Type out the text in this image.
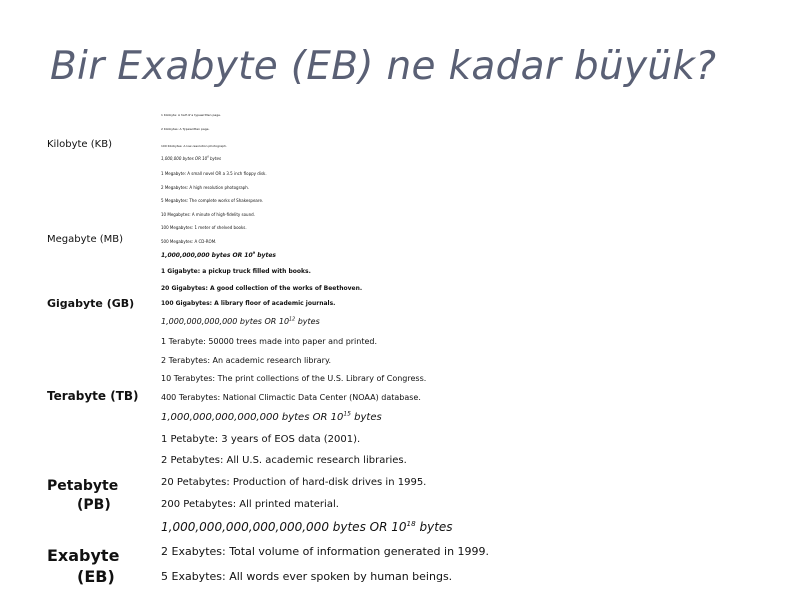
Bir Exabyte (EB) ne kadar büyük?
Kilobyte (KB)
Megabyte (MB)
Gigabyte (GB)
Terabyte (TB)
Petabyte
(PB)
Exabyte
(EB)
1 Kilobyte: A half of a typewritten page.
2 Kilobytes: A Typewritten page.
100 Kilobytes: A low-resolution photograph.
1,000,000 bytes OR $10^6$ bytes
1 Megabyte: A small novel OR a 3.5 inch floppy disk.
2 Megabytes: A high resolution photograph.
5 Megabytes: The complete works of Shakespeare.
10 Megabytes: A minute of high-fidelity sound.
100 Megabytes: 1 meter of shelved books.
500 Megabytes: A CD-ROM.
1,000,000,000 bytes OR $10^9$ bytes
1 Gigabyte: a pickup truck filled with books.
20 Gigabytes: A good collection of the works of Beethoven.
100 Gigabytes: A library floor of academic journals.
1,000,000,000,000 bytes OR $10^{12}$ bytes
1 Terabyte: 50000 trees made into paper and printed.
2 Terabytes: An academic research library.
10 Terabytes: The print collections of the U.S. Library of Congress.
400 Terabytes: National Climactic Data Center (NOAA) database.
1,000,000,000,000,000 bytes OR $10^{15}$ bytes
1 Petabyte: 3 years of EOS data (2001).
2 Petabytes: All U.S. academic research libraries.
20 Petabytes: Production of hard-disk drives in 1995.
200 Petabytes: All printed material.
1,000,000,000,000,000,000 bytes OR $10^{18}$ bytes
2 Exabytes: Total volume of information generated in 1999.
5 Exabytes: All words ever spoken by human beings.
